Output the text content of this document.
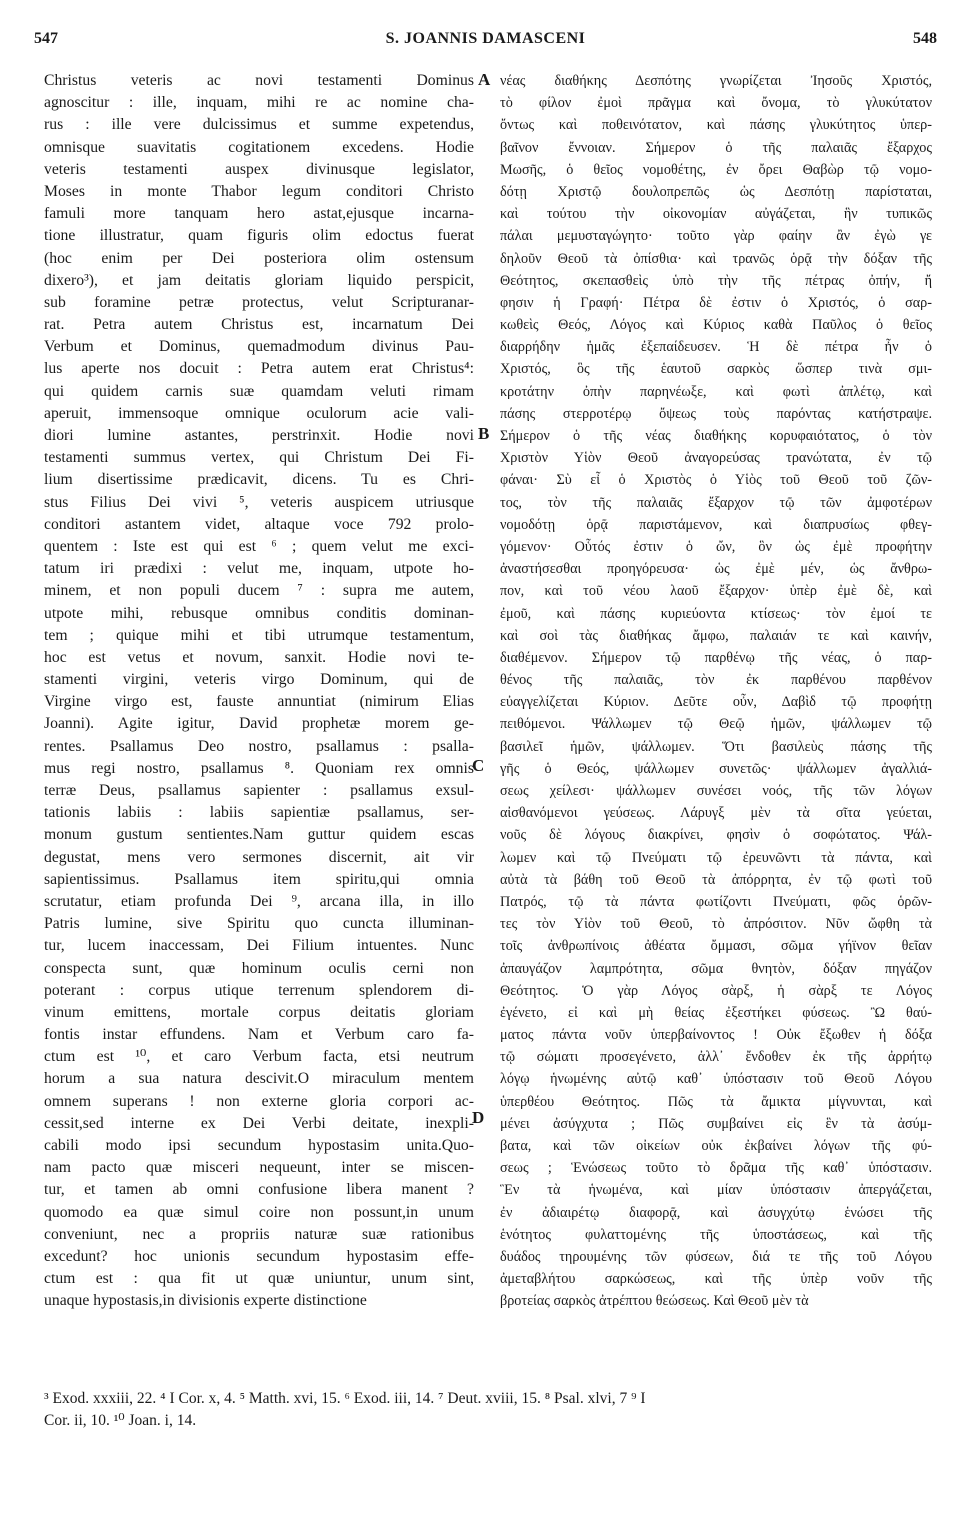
547	S. JOANNIS DAMASCENI	548
Christus veteris ac novi testamenti Dominus
agnoscitur : ille, inquam, mihi re ac nomine cha-
rus : ille vere dulcissimus et summe expetendus,
omnisque suavitatis cogitationem excedens. Hodie
veteris testamenti auspex divinusque legislator,
Moses in monte Thabor legum conditori Christo
famuli more tanquam hero astat,ejusque incarna-
tione illustratur, quam figuris olim edoctus fuerat
(hoc enim per Dei posteriora olim ostensum
dixero³), et jam deitatis gloriam liquido perspicit,
sub foramine petræ protectus, velut Scripturanar-
rat. Petra autem Christus est, incarnatum Dei
Verbum et Dominus, quemadmodum divinus Pau-
lus aperte nos docuit : Petra autem erat Christus⁴:
qui quidem carnis suæ quamdam veluti rimam
aperuit, immensoque omnique oculorum acie vali-
diori lumine astantes, perstrinxit. Hodie novi
testamenti summus vertex, qui Christum Dei Fi-
lium disertissime prædicavit, dicens. Tu es Chri-
stus Filius Dei vivi ⁵, veteris auspicem utriusque
conditori astantem videt, altaque voce 792 prolo-
quentem : Iste est qui est ⁶ ; quem velut me exci-
tatum iri prædixi : velut me, inquam, utpote ho-
minem, et non populi ducem ⁷ : supra me autem,
utpote mihi, rebusque omnibus conditis dominan-
tem ; quique mihi et tibi utrumque testamentum,
hoc est vetus et novum, sanxit. Hodie novi te-
stamenti virgini, veteris virgo Dominum, qui de
Virgine virgo est, fauste annuntiat (nimirum Elias
Joanni). Agite igitur, David prophetæ morem ge-
rentes. Psallamus Deo nostro, psallamus : psalla-
mus regi nostro, psallamus ⁸. Quoniam rex omnis
terræ Deus, psallamus sapienter : psallamus exsul-
tationis labiis : labiis sapientiæ psallamus, ser-
monum gustum sentientes.Nam guttur quidem escas
degustat, mens vero sermones discernit, ait vir
sapientissimus. Psallamus item spiritu,qui omnia
scrutatur, etiam profunda Dei ⁹, arcana illa, in illo
Patris lumine, sive Spiritu quo cuncta illuminan-
tur, lucem inaccessam, Dei Filium intuentes. Nunc
conspecta sunt, quæ hominum oculis cerni non
poterant : corpus utique terrenum splendorem di-
vinum emittens, mortale corpus deitatis gloriam
fontis instar effundens. Nam et Verbum caro fa-
ctum est ¹⁰, et caro Verbum facta, etsi neutrum
horum a sua natura descivit.O miraculum mentem
omnem superans ! non externe gloria corpori ac-
cessit,sed interne ex Dei Verbi deitate, inexpli-
cabili modo ipsi secundum hypostasim unita.Quo-
nam pacto quæ misceri nequeunt, inter se miscen-
tur, et tamen ab omni confusione libera manent ?
quomodo ea quæ simul coire non possunt,in unum
conveniunt, nec a propriis naturæ suæ rationibus
excedunt? hoc unionis secundum hypostasim effe-
ctum est : qua fit ut quæ uniuntur, unum sint,
unaque hypostasis,in divisionis experte distinctione
νέας διαθήκης Δεσπότης γνωρίζεται Ἰησοῦς Χριστός,
τὸ φίλον ἐμοὶ πρᾶγμα καὶ ὄνομα, τὸ γλυκύτατον
ὄντως καὶ ποθεινότατον, καὶ πάσης γλυκύτητος ὑπερ-
βαῖνον ἔννοιαν. Σήμερον ὁ τῆς παλαιᾶς ἔξαρχος
Μωσῆς, ὁ θεῖος νομοθέτης, ἐν ὄρει Θαβὼρ τῷ νομο-
δότῃ Χριστῷ δουλοπρεπῶς ὡς Δεσπότῃ παρίσταται,
καὶ τούτου τὴν οἰκονομίαν αὐγάζεται, ἣν τυπικῶς
πάλαι μεμυσταγώγητο· τοῦτο γὰρ φαίην ἂν ἐγὼ γε
δηλοῦν Θεοῦ τὰ ὀπίσθια· καὶ τρανῶς ὁρᾷ τὴν δόξαν τῆς
Θεότητος, σκεπασθεὶς ὑπὸ τὴν τῆς πέτρας ὀπήν, ἤ
φησιν ἡ Γραφή· Πέτρα δὲ ἐστιν ὁ Χριστός, ὁ σαρ-
κωθεὶς Θεός, Λόγος καὶ Κύριος καθὰ Παῦλος ὁ θεῖος
διαρρήδην ἡμᾶς ἐξεπαίδευσεν. Ἡ δὲ πέτρα ἦν ὁ
Χριστός, ὃς τῆς ἑαυτοῦ σαρκὸς ὥσπερ τινὰ σμι-
κροτάτην ὀπὴν παρηνέωξε, καὶ φωτὶ ἀπλέτῳ, καὶ
πάσης στερροτέρῳ ὄψεως τοὺς παρόντας κατήστραψε.
Σήμερον ὁ τῆς νέας διαθήκης κορυφαιότατος, ὁ τὸν
Χριστὸν Υἱὸν Θεοῦ ἀναγορεύσας τρανώτατα, ἐν τῷ
φάναι· Σὺ εἶ ὁ Χριστὸς ὁ Υἱὸς τοῦ Θεοῦ τοῦ ζῶν-
τος, τὸν τῆς παλαιᾶς ἔξαρχον τῷ τῶν ἀμφοτέρων
νομοδότῃ ὁρᾷ παριστάμενον, καὶ διαπρυσίως φθεγ-
γόμενον· Οὗτός ἐστιν ὁ ὤν, ὃν ὡς ἐμὲ προφήτην
ἀναστήσεσθαι προηγόρευσα· ὡς ἐμὲ μέν, ὡς ἄνθρω-
πον, καὶ τοῦ νέου λαοῦ ἔξαρχον· ὑπὲρ ἐμὲ δὲ, καὶ
ἐμοῦ, καὶ πάσης κυριεύοντα κτίσεως· τὸν ἐμοί τε
καὶ σοὶ τὰς διαθήκας ἄμφω, παλαιάν τε καὶ καινήν,
διαθέμενον. Σήμερον τῷ παρθένῳ τῆς νέας, ὁ παρ-
θένος τῆς παλαιᾶς, τὸν ἐκ παρθένου παρθένον
εὐαγγελίζεται Κύριον. Δεῦτε οὖν, Δαβὶδ τῷ προφήτῃ
πειθόμενοι. Ψάλλωμεν τῷ Θεῷ ἡμῶν, ψάλλωμεν τῷ
βασιλεῖ ἡμῶν, ψάλλωμεν. Ὅτι βασιλεὺς πάσης τῆς
γῆς ὁ Θεός, ψάλλωμεν συνετῶς· ψάλλωμεν ἀγαλλιά-
σεως χείλεσι· ψάλλωμεν συνέσει νοός, τῆς τῶν λόγων
αἰσθανόμενοι γεύσεως. Λάρυγξ μὲν τὰ σῖτα γεύεται,
νοῦς δὲ λόγους διακρίνει, φησὶν ὁ σοφώτατος. Ψάλ-
λωμεν καὶ τῷ Πνεύματι τῷ ἐρευνῶντι τὰ πάντα, καὶ
αὐτὰ τὰ βάθη τοῦ Θεοῦ τὰ ἀπόρρητα, ἐν τῷ φωτὶ τοῦ
Πατρός, τῷ τὰ πάντα φωτίζοντι Πνεύματι, φῶς ὁρῶν-
τες τὸν Υἱὸν τοῦ Θεοῦ, τὸ ἀπρόσιτον. Νῦν ὤφθη τὰ
τοῖς ἀνθρωπίνοις ἀθέατα ὄμμασι, σῶμα γήϊνον θεῖαν
ἀπαυγάζον λαμπρότητα, σῶμα θνητὸν, δόξαν πηγάζον
Θεότητος. Ὁ γὰρ Λόγος σὰρξ, ἡ σὰρξ τε Λόγος
ἐγένετο, εἰ καὶ μὴ θείας ἐξεστήκει φύσεως. Ὢ θαύ-
ματος πάντα νοῦν ὑπερβαίνοντος ! Οὐκ ἔξωθεν ἡ δόξα
τῷ σώματι προσεγένετο, ἀλλ᾽ ἔνδοθεν ἐκ τῆς ἀρρήτῳ
λόγῳ ἡνωμένης αὐτῷ καθ᾽ ὑπόστασιν τοῦ Θεοῦ Λόγου
ὑπερθέου Θεότητος. Πῶς τὰ ἄμικτα μίγνυνται, καὶ
μένει ἀσύγχυτα ; Πῶς συμβαίνει εἰς ἓν τὰ ἀσύμ-
βατα, καὶ τῶν οἰκείων οὐκ ἐκβαίνει λόγων τῆς φύ-
σεως ; Ἑνώσεως τοῦτο τὸ δρᾶμα τῆς καθ᾽ ὑπόστασιν.
Ἓν τὰ ἡνωμένα, καὶ μίαν ὑπόστασιν ἀπεργάζεται,
ἐν ἀδιαιρέτῳ διαφορᾷ, καὶ ἀσυγχύτῳ ἑνώσει τῆς
ἑνότητος φυλαττομένης τῆς ὑποστάσεως, καὶ τῆς
δυάδος τηρουμένης τῶν φύσεων, διά τε τῆς τοῦ Λόγου
ἀμεταβλήτου σαρκώσεως, καὶ τῆς ὑπὲρ νοῦν τῆς
βροτείας σαρκὸς ἀτρέπτου θεώσεως. Καὶ Θεοῦ μὲν τὰ
A
B
C
D
³ Exod. xxxiii, 22. ⁴ I Cor. x, 4. ⁵ Matth. xvi, 15. ⁶ Exod. iii, 14. ⁷ Deut. xviii, 15. ⁸ Psal. xlvi, 7 ⁹ I
Cor. ii, 10. ¹⁰ Joan. i, 14.
